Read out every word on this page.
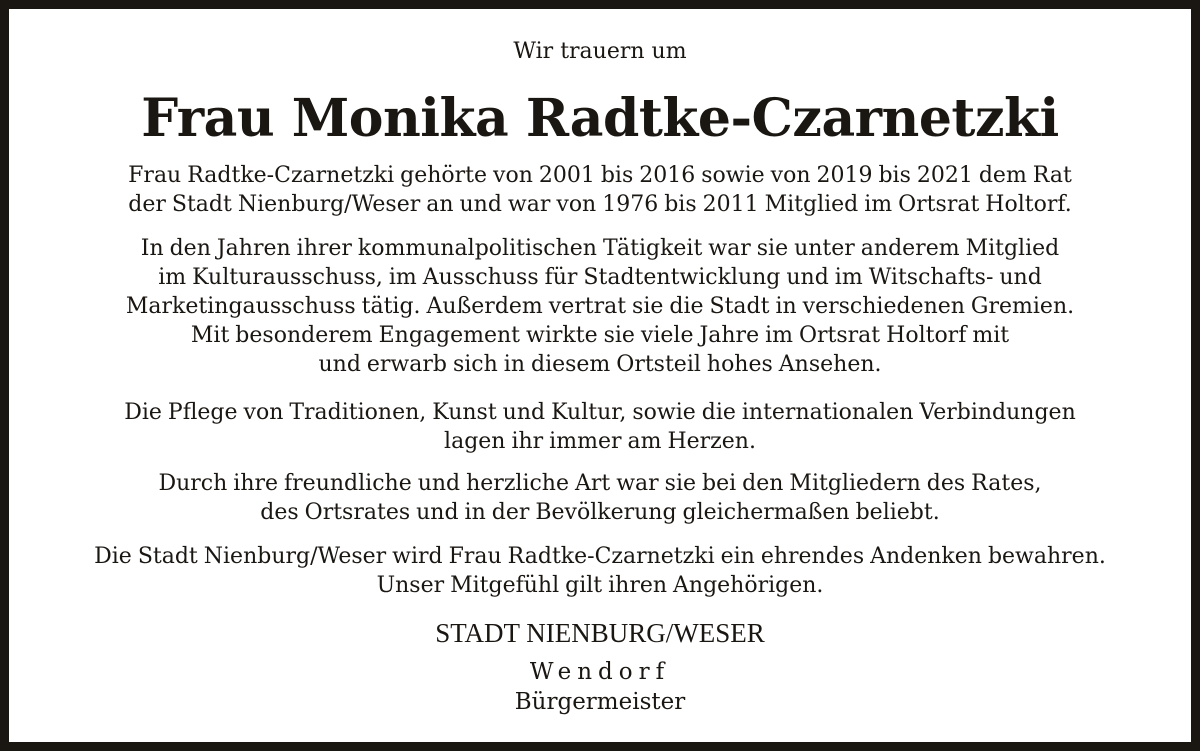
Wir trauern um
Frau Monika Radtke-Czarnetzki
Frau Radtke-Czarnetzki gehörte von 2001 bis 2016 sowie von 2019 bis 2021 dem Rat
der Stadt Nienburg/Weser an und war von 1976 bis 2011 Mitglied im Ortsrat Holtorf.
In den Jahren ihrer kommunalpolitischen Tätigkeit war sie unter anderem Mitglied
im Kulturausschuss, im Ausschuss für Stadtentwicklung und im Witschafts- und
Marketingausschuss tätig. Außerdem vertrat sie die Stadt in verschiedenen Gremien.
Mit besonderem Engagement wirkte sie viele Jahre im Ortsrat Holtorf mit
und erwarb sich in diesem Ortsteil hohes Ansehen.
Die Pflege von Traditionen, Kunst und Kultur, sowie die internationalen Verbindungen
lagen ihr immer am Herzen.
Durch ihre freundliche und herzliche Art war sie bei den Mitgliedern des Rates,
des Ortsrates und in der Bevölkerung gleichermaßen beliebt.
Die Stadt Nienburg/Weser wird Frau Radtke-Czarnetzki ein ehrendes Andenken bewahren.
Unser Mitgefühl gilt ihren Angehörigen.
STADT NIENBURG/WESER
Wendorf
Bürgermeister
